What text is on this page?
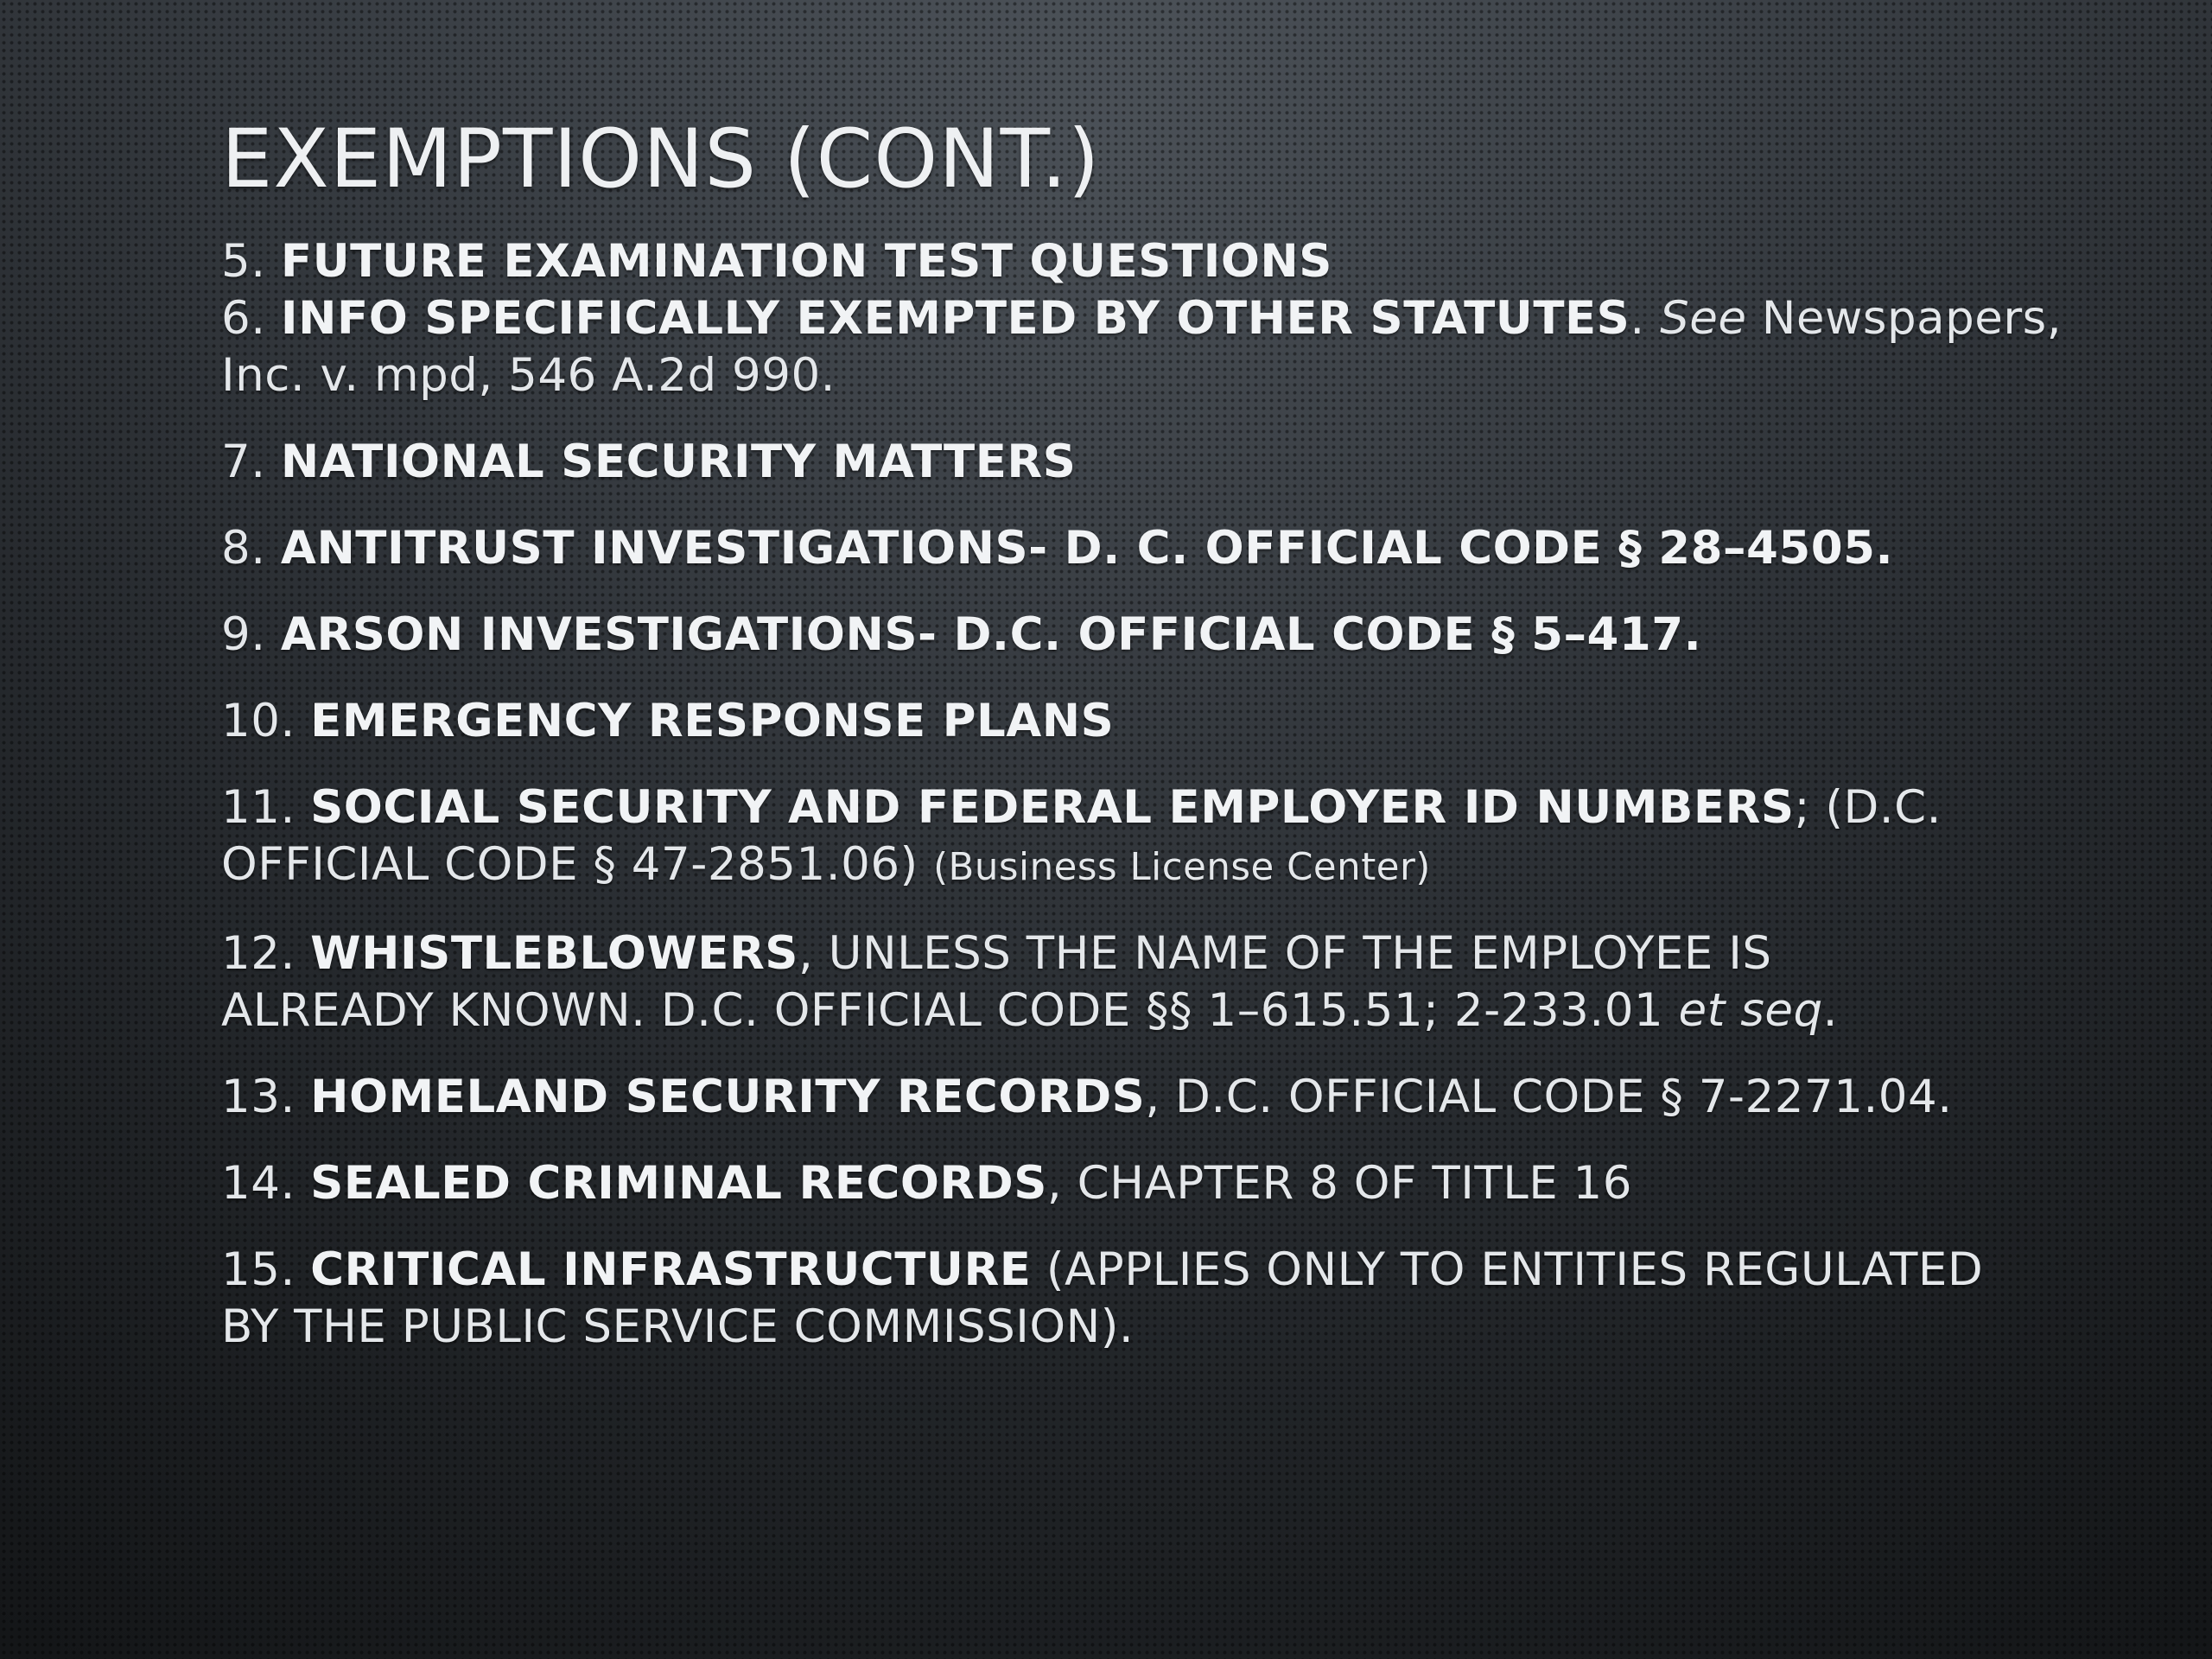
EXEMPTIONS (CONT.)
5. FUTURE EXAMINATION TEST QUESTIONS
6. INFO SPECIFICALLY EXEMPTED BY OTHER STATUTES. See Newspapers,
Inc. v. mpd, 546 A.2d 990.
7. NATIONAL SECURITY MATTERS
8. ANTITRUST INVESTIGATIONS- D. C. OFFICIAL CODE § 28–4505.
9. ARSON INVESTIGATIONS- D.C. OFFICIAL CODE § 5–417.
10. EMERGENCY RESPONSE PLANS
11. SOCIAL SECURITY AND FEDERAL EMPLOYER ID NUMBERS; (D.C.
OFFICIAL CODE § 47-2851.06) (Business License Center)
12. WHISTLEBLOWERS, UNLESS THE NAME OF THE EMPLOYEE IS
ALREADY KNOWN. D.C. OFFICIAL CODE §§ 1–615.51; 2-233.01 et seq.
13. HOMELAND SECURITY RECORDS, D.C. OFFICIAL CODE § 7-2271.04.
14. SEALED CRIMINAL RECORDS, CHAPTER 8 OF TITLE 16
15. CRITICAL INFRASTRUCTURE (APPLIES ONLY TO ENTITIES REGULATED
BY THE PUBLIC SERVICE COMMISSION).
